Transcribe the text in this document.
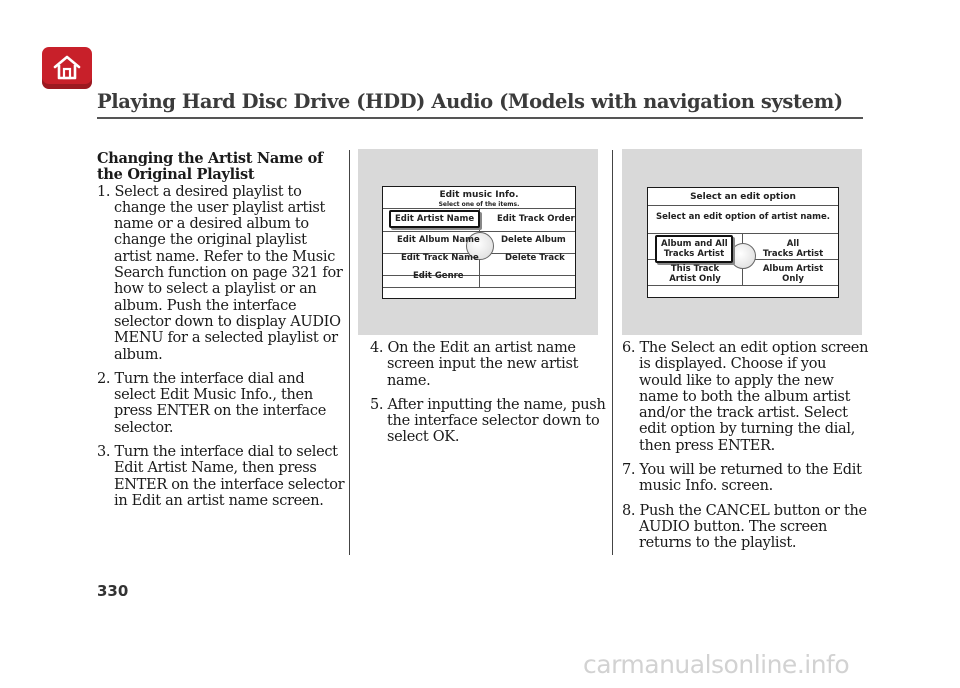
Playing Hard Disc Drive (HDD) Audio (Models with navigation system)
Changing the Artist Name of the Original Playlist

1. Select a desired playlist to change the user playlist artist name or a desired album to change the original playlist artist name. Refer to the Music Search function on page 321 for how to select a playlist or an album. Push the interface selector down to display AUDIO MENU for a selected playlist or album.

2. Turn the interface dial and select Edit Music Info., then press ENTER on the interface selector.

3. Turn the interface dial to select Edit Artist Name, then press ENTER on the interface selector in Edit an artist name screen.

Edit music Info.
Select one of the items.
Edit Artist Name	Edit Track Order
Edit Album Name	Delete Album
Edit Track Name	Delete Track
Edit Genre

4. On the Edit an artist name screen input the new artist name.

5. After inputting the name, push the interface selector down to select OK.

Select an edit option
Select an edit option of artist name.
Album and All
Tracks Artist
All
Tracks Artist
This Track
Artist Only
Album Artist
Only

6. The Select an edit option screen is displayed. Choose if you would like to apply the new name to both the album artist and/or the track artist. Select edit option by turning the dial, then press ENTER.

7. You will be returned to the Edit music Info. screen.

8. Push the CANCEL button or the AUDIO button. The screen returns to the playlist.

330
carmanualsonline.info
